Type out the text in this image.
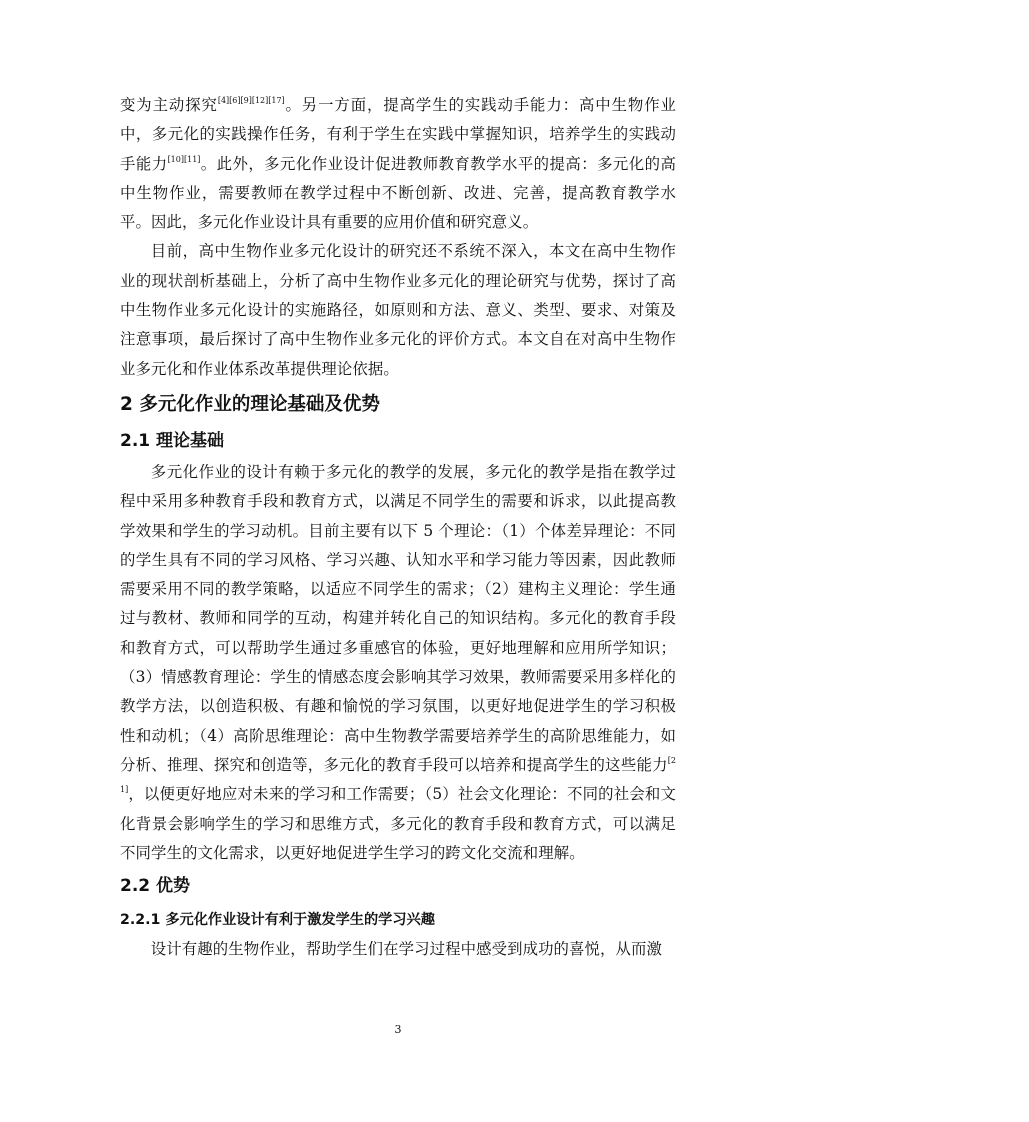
变为主动探究[4][6][9][12][17]。另一方面，提高学生的实践动手能力：高中生物作业中，多元化的实践操作任务，有利于学生在实践中掌握知识，培养学生的实践动手能力[10][11]。此外，多元化作业设计促进教师教育教学水平的提高：多元化的高中生物作业，需要教师在教学过程中不断创新、改进、完善，提高教育教学水平。因此，多元化作业设计具有重要的应用价值和研究意义。

目前，高中生物作业多元化设计的研究还不系统不深入，本文在高中生物作业的现状剖析基础上，分析了高中生物作业多元化的理论研究与优势，探讨了高中生物作业多元化设计的实施路径，如原则和方法、意义、类型、要求、对策及注意事项，最后探讨了高中生物作业多元化的评价方式。本文自在对高中生物作业多元化和作业体系改革提供理论依据。

2 多元化作业的理论基础及优势
2.1 理论基础

多元化作业的设计有赖于多元化的教学的发展，多元化的教学是指在教学过程中采用多种教育手段和教育方式，以满足不同学生的需要和诉求，以此提高教学效果和学生的学习动机。目前主要有以下 5 个理论：（1）个体差异理论：不同的学生具有不同的学习风格、学习兴趣、认知水平和学习能力等因素，因此教师需要采用不同的教学策略，以适应不同学生的需求；（2）建构主义理论：学生通过与教材、教师和同学的互动，构建并转化自己的知识结构。多元化的教育手段和教育方式，可以帮助学生通过多重感官的体验，更好地理解和应用所学知识；（3）情感教育理论：学生的情感态度会影响其学习效果，教师需要采用多样化的教学方法，以创造积极、有趣和愉悦的学习氛围，以更好地促进学生的学习积极性和动机；（4）高阶思维理论：高中生物教学需要培养学生的高阶思维能力，如分析、推理、探究和创造等，多元化的教育手段可以培养和提高学生的这些能力[21]，以便更好地应对未来的学习和工作需要；（5）社会文化理论：不同的社会和文化背景会影响学生的学习和思维方式，多元化的教育手段和教育方式，可以满足不同学生的文化需求，以更好地促进学生学习的跨文化交流和理解。

2.2 优势
2.2.1 多元化作业设计有利于激发学生的学习兴趣

设计有趣的生物作业，帮助学生们在学习过程中感受到成功的喜悦，从而激

3
